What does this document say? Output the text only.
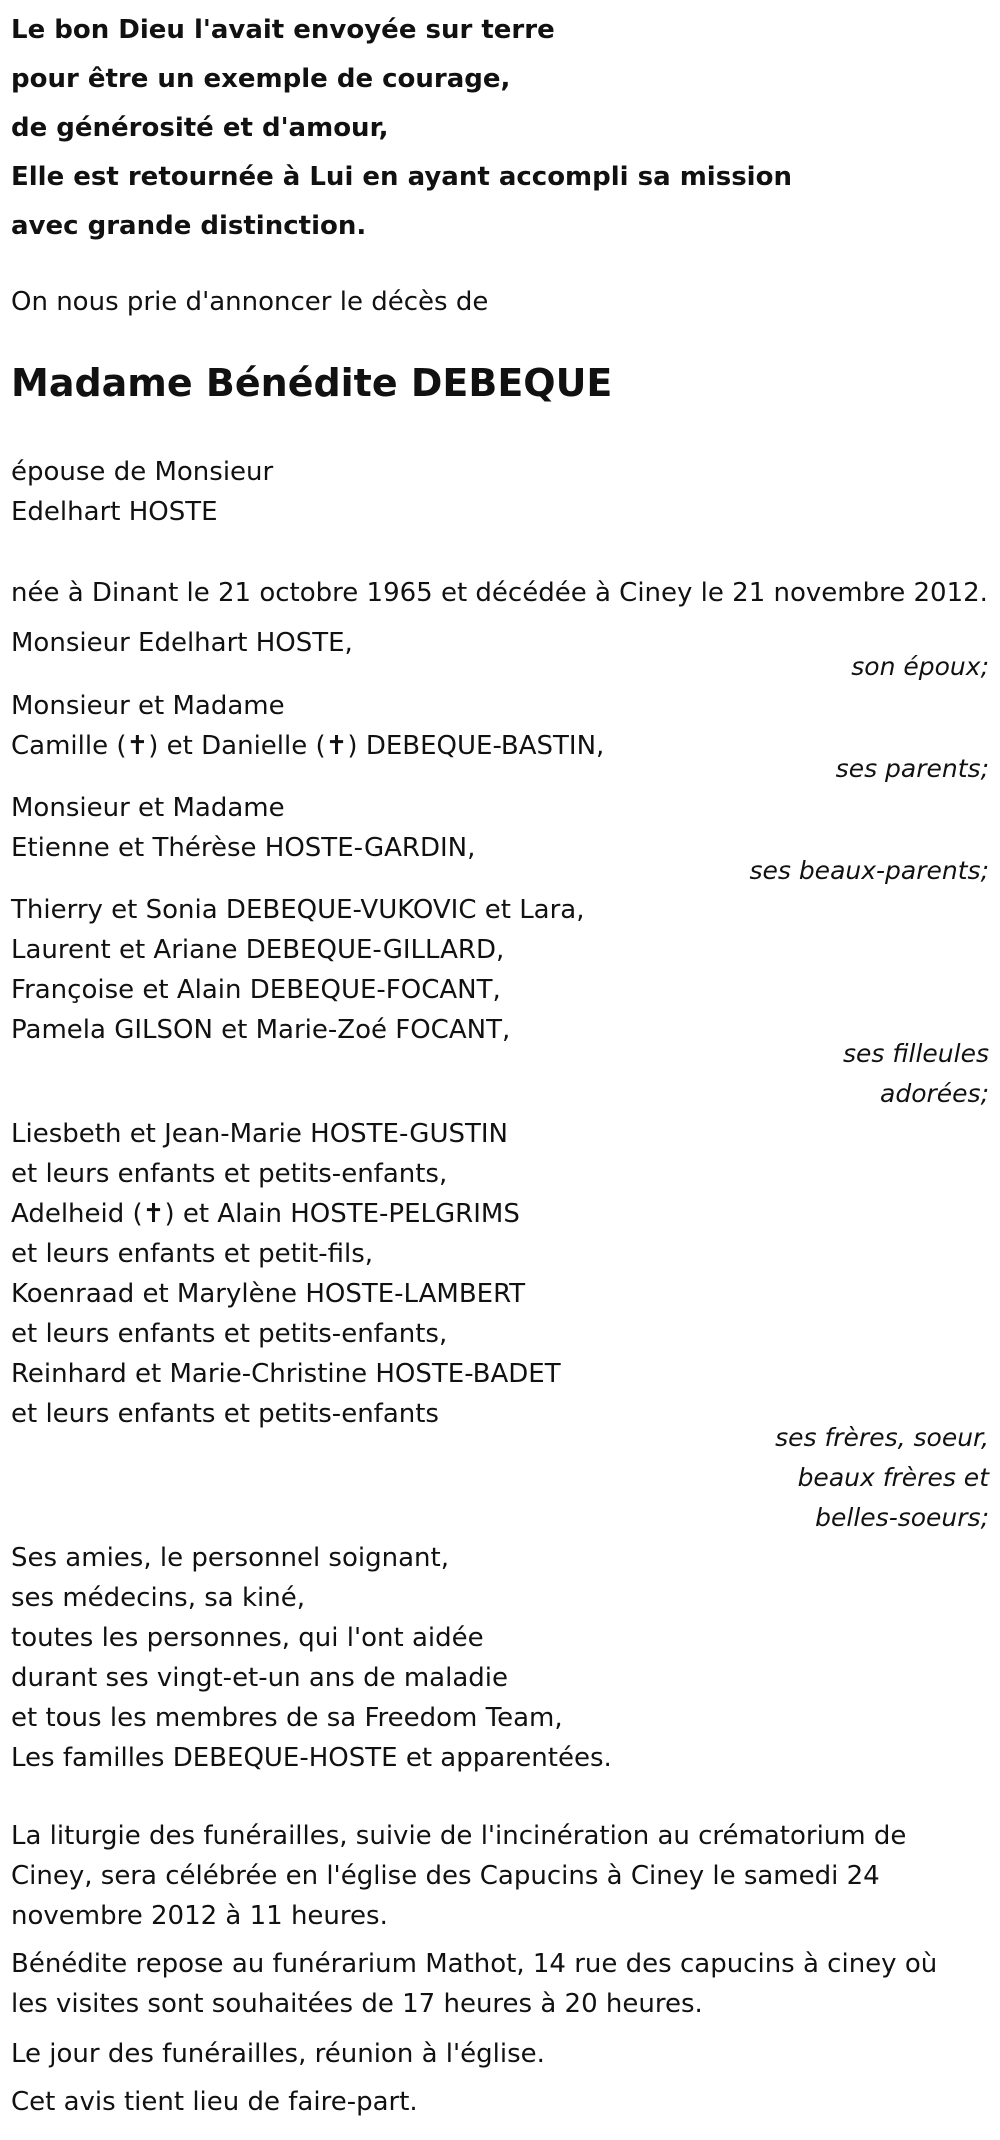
Le bon Dieu l'avait envoyée sur terre
pour être un exemple de courage,
de générosité et d'amour,
Elle est retournée à Lui en ayant accompli sa mission
avec grande distinction.

On nous prie d'annoncer le décès de

Madame Bénédite DEBEQUE

épouse de Monsieur
Edelhart HOSTE

née à Dinant le 21 octobre 1965 et décédée à Ciney le 21 novembre 2012.

Monsieur Edelhart HOSTE,

son époux;

Monsieur et Madame
Camille (✝) et Danielle (✝) DEBEQUE-BASTIN,

ses parents;

Monsieur et Madame
Etienne et Thérèse HOSTE-GARDIN,

ses beaux-parents;

Thierry et Sonia DEBEQUE-VUKOVIC et Lara,
Laurent et Ariane DEBEQUE-GILLARD,
Françoise et Alain DEBEQUE-FOCANT,
Pamela GILSON et Marie-Zoé FOCANT,

ses filleules
adorées;

Liesbeth et Jean-Marie HOSTE-GUSTIN
et leurs enfants et petits-enfants,
Adelheid (✝) et Alain HOSTE-PELGRIMS
et leurs enfants et petit-fils,
Koenraad et Marylène HOSTE-LAMBERT
et leurs enfants et petits-enfants,
Reinhard et Marie-Christine HOSTE-BADET
et leurs enfants et petits-enfants

ses frères, soeur,
beaux frères et
belles-soeurs;

Ses amies, le personnel soignant,
ses médecins, sa kiné,
toutes les personnes, qui l'ont aidée
durant ses vingt-et-un ans de maladie
et tous les membres de sa Freedom Team,
Les familles DEBEQUE-HOSTE et apparentées.

La liturgie des funérailles, suivie de l'incinération au crématorium de
Ciney, sera célébrée en l'église des Capucins à Ciney le samedi 24
novembre 2012 à 11 heures.

Bénédite repose au funérarium Mathot, 14 rue des capucins à ciney où
les visites sont souhaitées de 17 heures à 20 heures.

Le jour des funérailles, réunion à l'église.

Cet avis tient lieu de faire-part.
